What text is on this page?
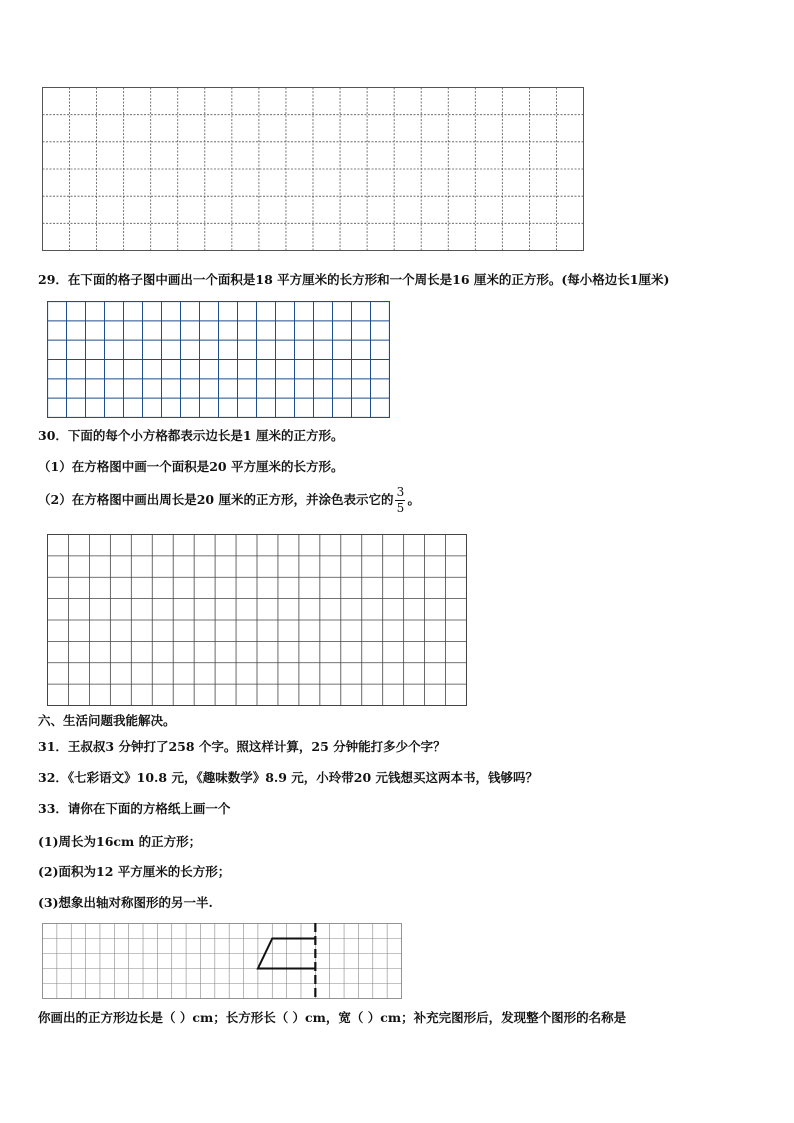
29．在下面的格子图中画出一个面积是18 平方厘米的长方形和一个周长是16 厘米的正方形。(每小格边长1厘米)
30．下面的每个小方格都表示边长是1 厘米的正方形。
（1）在方格图中画一个面积是20 平方厘米的长方形。
（2）在方格图中画出周长是20 厘米的正方形，并涂色表示它的 $\frac{3}{5}$ 。
六、生活问题我能解决。
31．王叔叔3 分钟打了258 个字。照这样计算，25 分钟能打多少个字？
32．《七彩语文》10.8 元，《趣味数学》8.9 元，小玲带20 元钱想买这两本书，钱够吗？
33．请你在下面的方格纸上画一个
(1)周长为16cm 的正方形；
(2)面积为12 平方厘米的长方形；
(3)想象出轴对称图形的另一半.
你画出的正方形边长是（ ）cm；长方形长（ ）cm，宽（ ）cm；补充完图形后，发现整个图形的名称是
